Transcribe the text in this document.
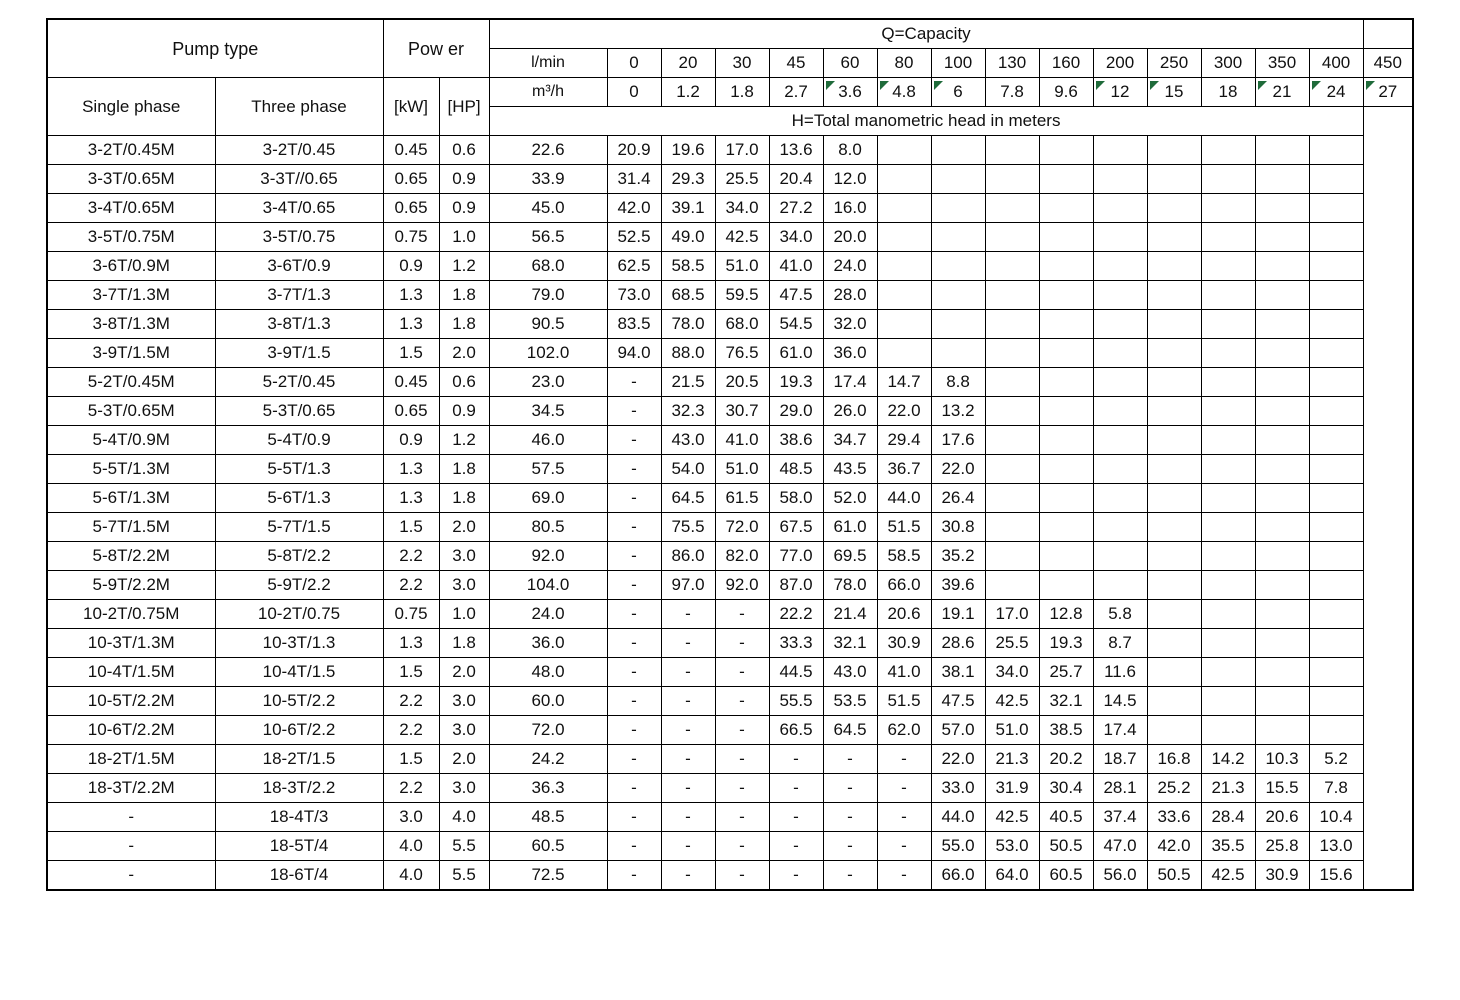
Pump type		Pow er		Q=Capacity															
				l/min	0	20	30	45	60	80	100	130	160	200	250	300	350	400	450
Single phase	Three phase	[kW]	[HP]	m³/h	0	1.2	1.8	2.7	3.6	4.8	6	7.8	9.6	12	15	18	21	24	27
				H=Total manometric head in meters															
3-2T/0.45M	3-2T/0.45	0.45	0.6	22.6	20.9	19.6	17.0	13.6	8.0										
3-3T/0.65M	3-3T//0.65	0.65	0.9	33.9	31.4	29.3	25.5	20.4	12.0										
3-4T/0.65M	3-4T/0.65	0.65	0.9	45.0	42.0	39.1	34.0	27.2	16.0										
3-5T/0.75M	3-5T/0.75	0.75	1.0	56.5	52.5	49.0	42.5	34.0	20.0										
3-6T/0.9M	3-6T/0.9	0.9	1.2	68.0	62.5	58.5	51.0	41.0	24.0										
3-7T/1.3M	3-7T/1.3	1.3	1.8	79.0	73.0	68.5	59.5	47.5	28.0										
3-8T/1.3M	3-8T/1.3	1.3	1.8	90.5	83.5	78.0	68.0	54.5	32.0										
3-9T/1.5M	3-9T/1.5	1.5	2.0	102.0	94.0	88.0	76.5	61.0	36.0										
5-2T/0.45M	5-2T/0.45	0.45	0.6	23.0	-	21.5	20.5	19.3	17.4	14.7	8.8								
5-3T/0.65M	5-3T/0.65	0.65	0.9	34.5	-	32.3	30.7	29.0	26.0	22.0	13.2								
5-4T/0.9M	5-4T/0.9	0.9	1.2	46.0	-	43.0	41.0	38.6	34.7	29.4	17.6								
5-5T/1.3M	5-5T/1.3	1.3	1.8	57.5	-	54.0	51.0	48.5	43.5	36.7	22.0								
5-6T/1.3M	5-6T/1.3	1.3	1.8	69.0	-	64.5	61.5	58.0	52.0	44.0	26.4								
5-7T/1.5M	5-7T/1.5	1.5	2.0	80.5	-	75.5	72.0	67.5	61.0	51.5	30.8								
5-8T/2.2M	5-8T/2.2	2.2	3.0	92.0	-	86.0	82.0	77.0	69.5	58.5	35.2								
5-9T/2.2M	5-9T/2.2	2.2	3.0	104.0	-	97.0	92.0	87.0	78.0	66.0	39.6								
10-2T/0.75M	10-2T/0.75	0.75	1.0	24.0	-	-	-	22.2	21.4	20.6	19.1	17.0	12.8	5.8					
10-3T/1.3M	10-3T/1.3	1.3	1.8	36.0	-	-	-	33.3	32.1	30.9	28.6	25.5	19.3	8.7					
10-4T/1.5M	10-4T/1.5	1.5	2.0	48.0	-	-	-	44.5	43.0	41.0	38.1	34.0	25.7	11.6					
10-5T/2.2M	10-5T/2.2	2.2	3.0	60.0	-	-	-	55.5	53.5	51.5	47.5	42.5	32.1	14.5					
10-6T/2.2M	10-6T/2.2	2.2	3.0	72.0	-	-	-	66.5	64.5	62.0	57.0	51.0	38.5	17.4					
18-2T/1.5M	18-2T/1.5	1.5	2.0	24.2	-	-	-	-	-	-	22.0	21.3	20.2	18.7	16.8	14.2	10.3	5.2	
18-3T/2.2M	18-3T/2.2	2.2	3.0	36.3	-	-	-	-	-	-	33.0	31.9	30.4	28.1	25.2	21.3	15.5	7.8	
-	18-4T/3	3.0	4.0	48.5	-	-	-	-	-	-	44.0	42.5	40.5	37.4	33.6	28.4	20.6	10.4	
-	18-5T/4	4.0	5.5	60.5	-	-	-	-	-	-	55.0	53.0	50.5	47.0	42.0	35.5	25.8	13.0	
-	18-6T/4	4.0	5.5	72.5	-	-	-	-	-	-	66.0	64.0	60.5	56.0	50.5	42.5	30.9	15.6	
